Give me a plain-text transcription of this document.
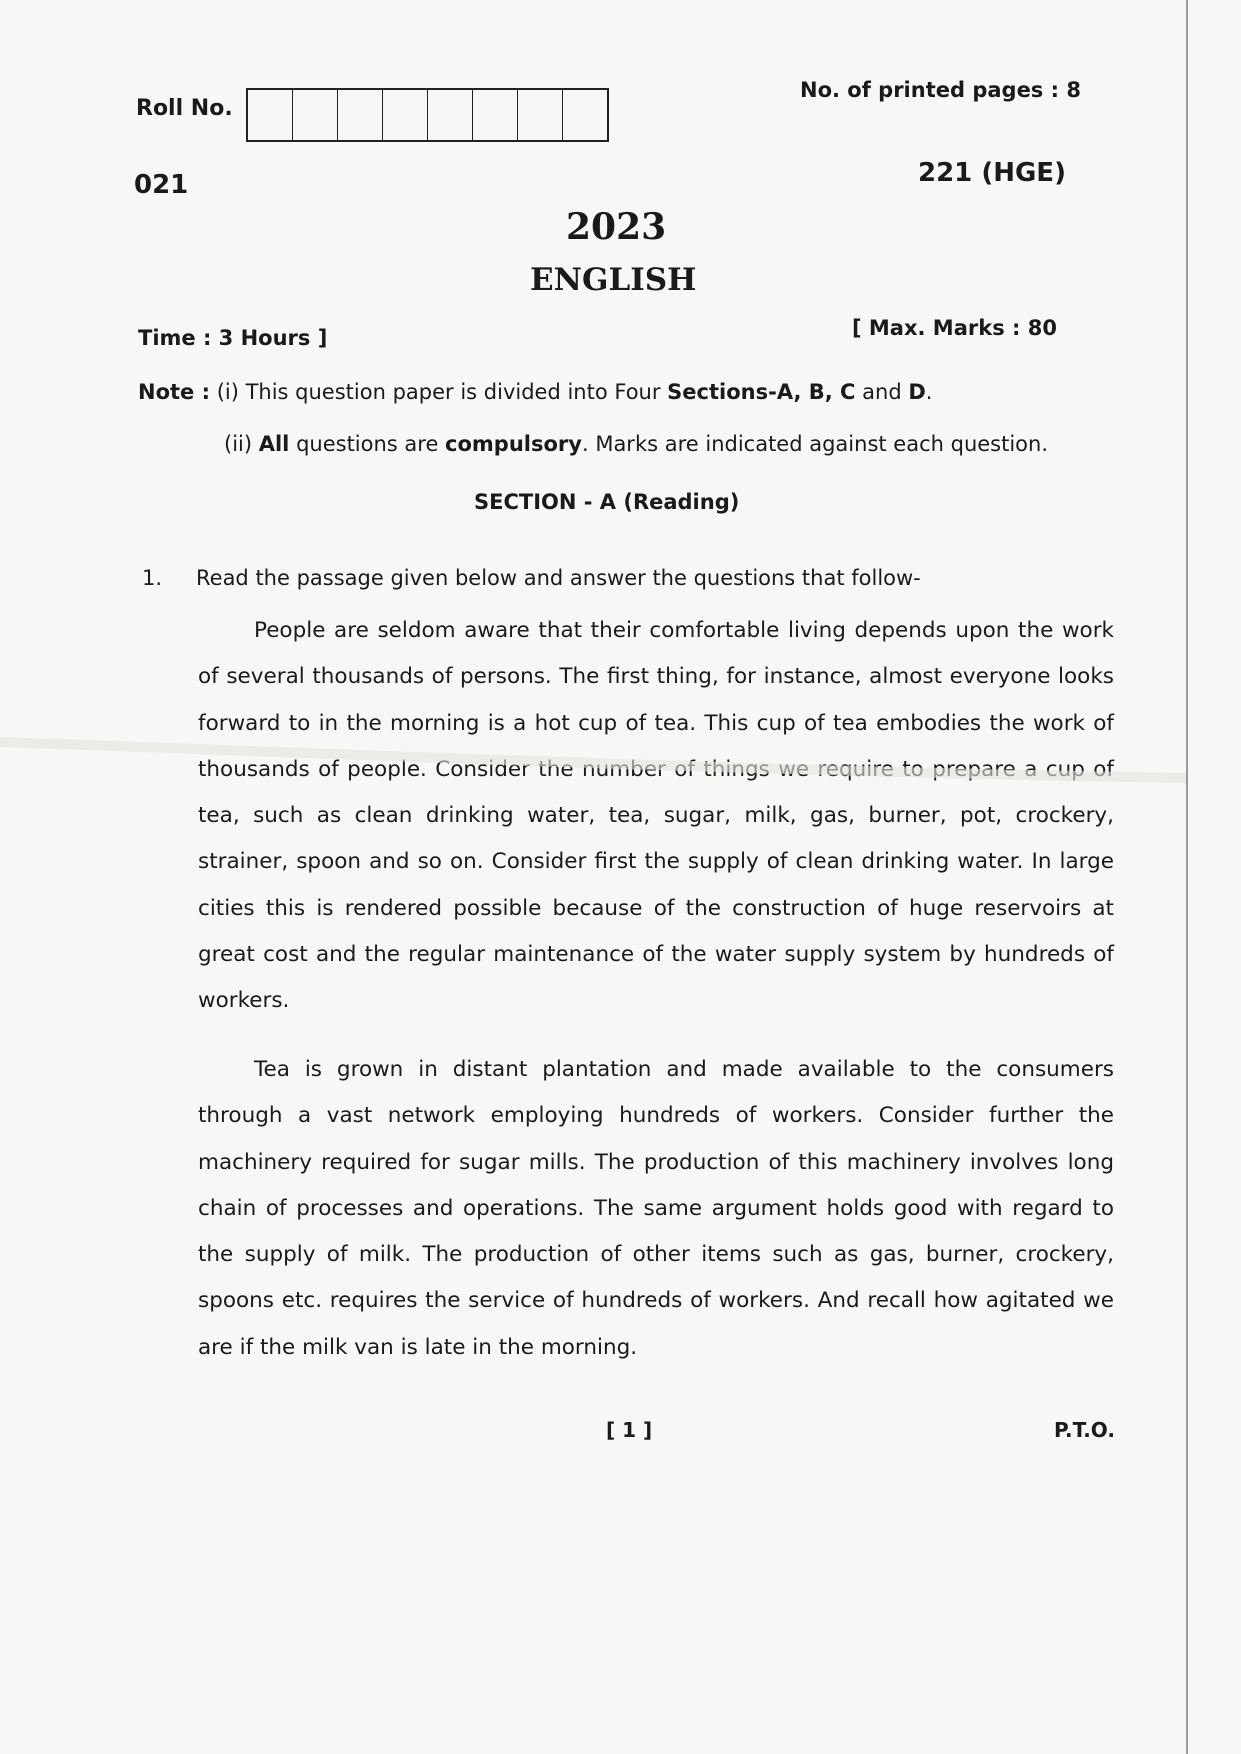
Roll No.
No. of printed pages : 8
021	221 (HGE)
2023
ENGLISH
Time : 3 Hours ]	[ Max. Marks : 80
Note : (i) This question paper is divided into Four Sections-A, B, C and D.
(ii) All questions are compulsory. Marks are indicated against each question.
SECTION - A (Reading)
1. Read the passage given below and answer the questions that follow-
People are seldom aware that their comfortable living depends upon the work of several thousands of persons. The first thing, for instance, almost everyone looks forward to in the morning is a hot cup of tea. This cup of tea embodies the work of thousands of people. Consider the number of things we require to prepare a cup of tea, such as clean drinking water, tea, sugar, milk, gas, burner, pot, crockery, strainer, spoon and so on. Consider first the supply of clean drinking water. In large cities this is rendered possible because of the construction of huge reservoirs at great cost and the regular maintenance of the water supply system by hundreds of workers.
Tea is grown in distant plantation and made available to the consumers through a vast network employing hundreds of workers. Consider further the machinery required for sugar mills. The production of this machinery involves long chain of processes and operations. The same argument holds good with regard to the supply of milk. The production of other items such as gas, burner, crockery, spoons etc. requires the service of hundreds of workers. And recall how agitated we are if the milk van is late in the morning.
[ 1 ]	P.T.O.
